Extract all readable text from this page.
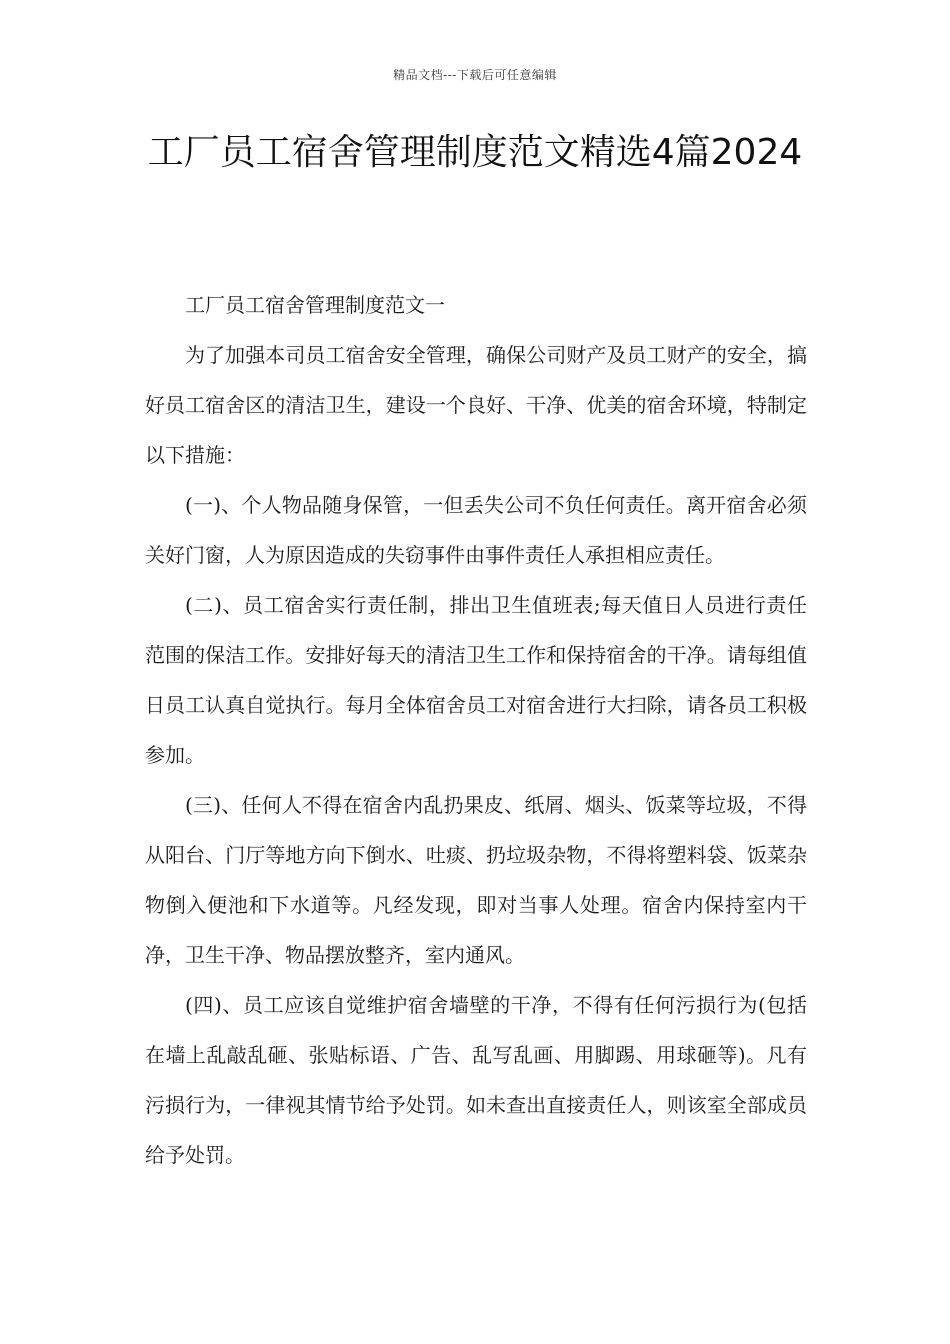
精品文档---下载后可任意编辑
工厂员工宿舍管理制度范文精选4篇2024

工厂员工宿舍管理制度范文一

为了加强本司员工宿舍安全管理，确保公司财产及员工财产的安全，搞好员工宿舍区的清洁卫生，建设一个良好、干净、优美的宿舍环境，特制定以下措施：

(一)、个人物品随身保管，一但丢失公司不负任何责任。离开宿舍必须关好门窗，人为原因造成的失窃事件由事件责任人承担相应责任。

(二)、员工宿舍实行责任制，排出卫生值班表;每天值日人员进行责任范围的保洁工作。安排好每天的清洁卫生工作和保持宿舍的干净。请每组值日员工认真自觉执行。每月全体宿舍员工对宿舍进行大扫除，请各员工积极参加。

(三)、任何人不得在宿舍内乱扔果皮、纸屑、烟头、饭菜等垃圾，不得从阳台、门厅等地方向下倒水、吐痰、扔垃圾杂物，不得将塑料袋、饭菜杂物倒入便池和下水道等。凡经发现，即对当事人处理。宿舍内保持室内干净，卫生干净、物品摆放整齐，室内通风。

(四)、员工应该自觉维护宿舍墙壁的干净，不得有任何污损行为(包括在墙上乱敲乱砸、张贴标语、广告、乱写乱画、用脚踢、用球砸等)。凡有污损行为，一律视其情节给予处罚。如未查出直接责任人，则该室全部成员给予处罚。
